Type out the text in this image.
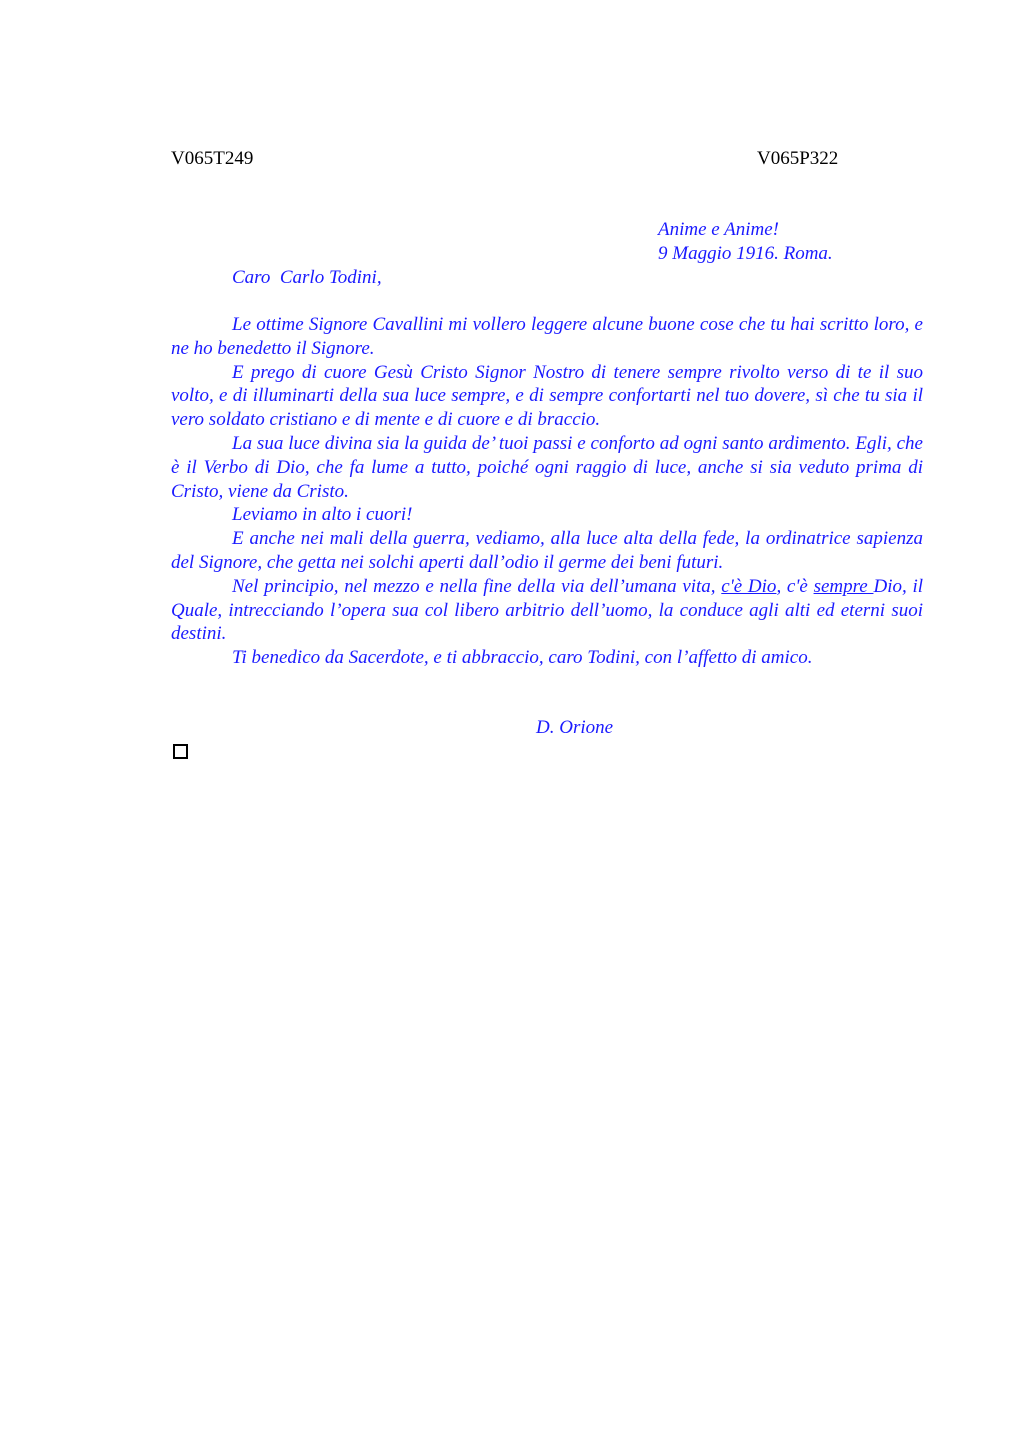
V065T249	V065P322
Anime e Anime!
9 Maggio 1916. Roma.
Caro  Carlo Todini,

Le ottime Signore Cavallini mi vollero leggere alcune buone cose che tu hai scritto loro, e ne ho benedetto il Signore.

E prego di cuore Gesù Cristo Signor Nostro di tenere sempre rivolto verso di te il suo volto, e di illuminarti della sua luce sempre, e di sempre confortarti nel tuo dovere, sì che tu sia il vero soldato cristiano e di mente e di cuore e di braccio.

La sua luce divina sia la guida de’ tuoi passi e conforto ad ogni santo ardimento. Egli, che è il Verbo di Dio, che fa lume a tutto, poiché ogni raggio di luce, anche si sia veduto prima di Cristo, viene da Cristo.

Leviamo in alto i cuori!

E anche nei mali della guerra, vediamo, alla luce alta della fede, la ordinatrice sapienza del Signore, che getta nei solchi aperti dall’odio il germe dei beni futuri.

Nel principio, nel mezzo e nella fine della via dell’umana vita, c'è Dio, c'è sempre Dio, il Quale, intrecciando l’opera sua col libero arbitrio dell’uomo, la conduce agli alti ed eterni suoi destini.

Ti benedico da Sacerdote, e ti abbraccio, caro Todini, con l’affetto di amico.

D. Orione
